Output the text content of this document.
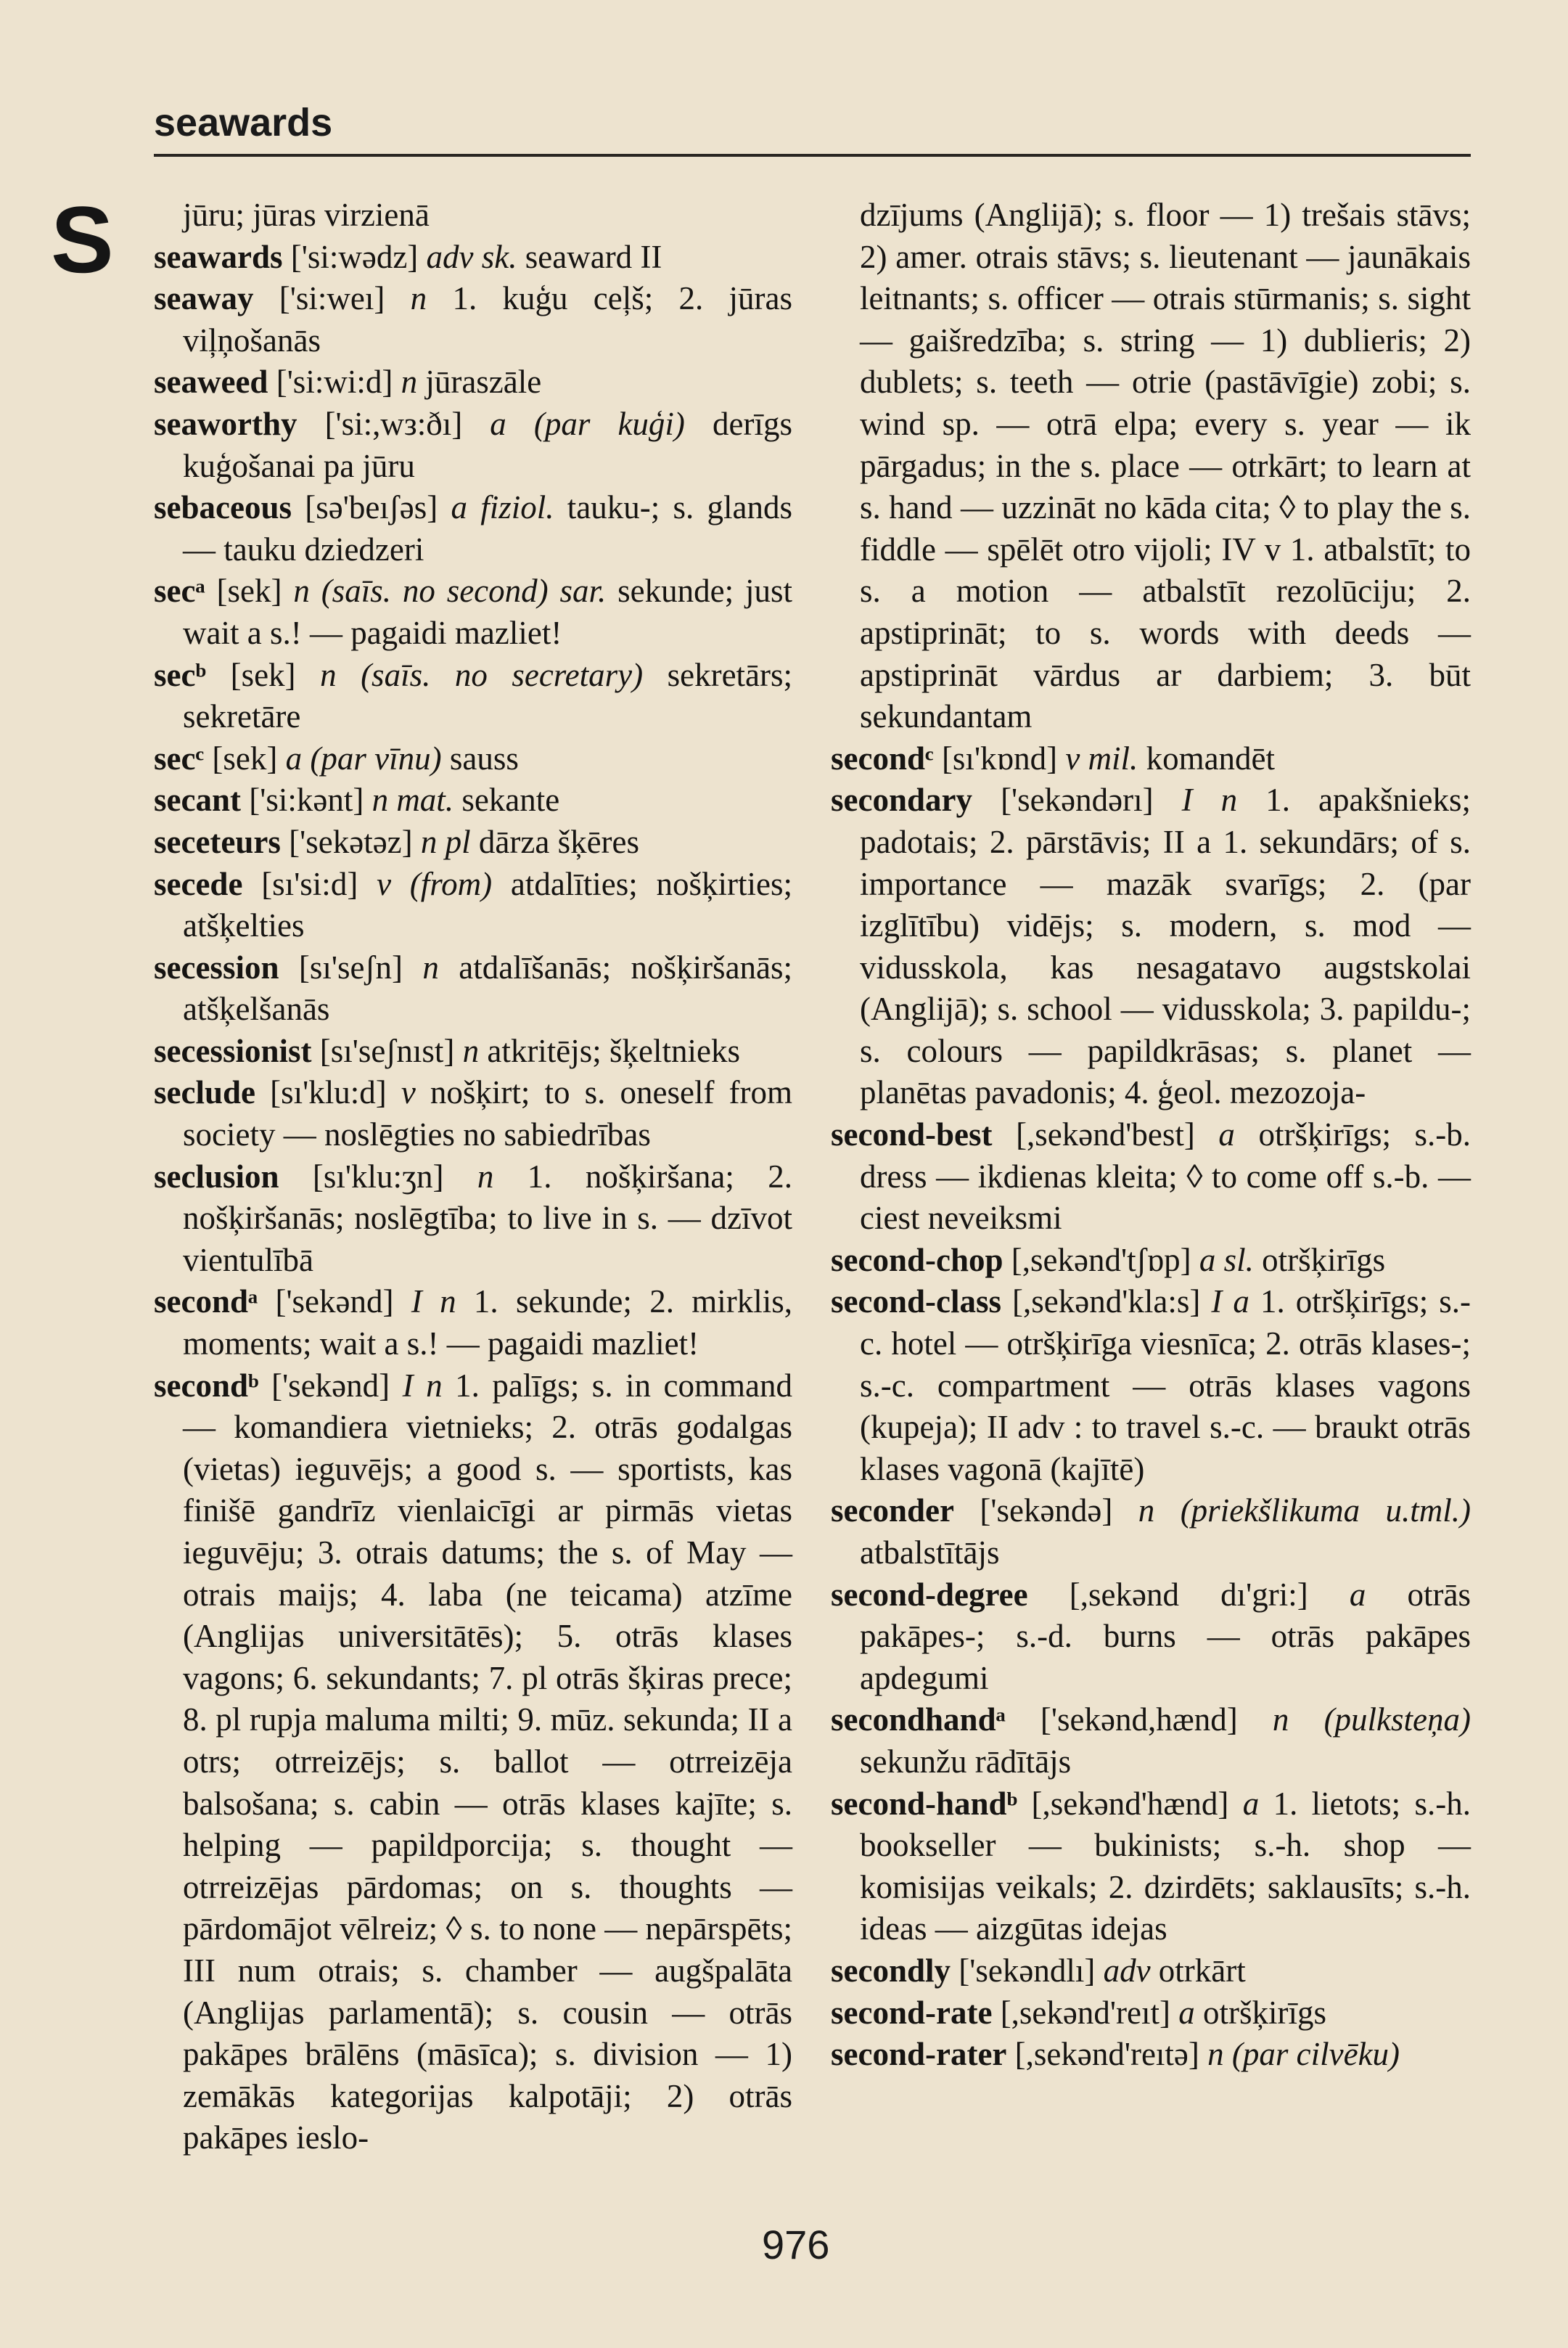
seawards
S	jūru; jūras virzienā
seawards ['si:wədz] adv sk. seaward II
seaway ['si:weı] n 1. kuģu ceļš; 2. jūras viļņošanās
seaweed ['si:wi:d] n jūraszāle
seaworthy ['si:,wз:ðı] a (par kuģi) derīgs kuģošanai pa jūru
sebaceous [sə'beıʃəs] a fiziol. tauku-; s. glands — tauku dziedzeri
secᵃ [sek] n (saīs. no second) sar. sekunde; just wait a s.! — pagaidi mazliet!
secᵇ [sek] n (saīs. no secretary) sekretārs; sekretāre
secᶜ [sek] a (par vīnu) sauss
secant ['si:kənt] n mat. sekante
seceteurs ['sekətəz] n pl dārza šķēres
secede [sı'si:d] v (from) atdalīties; nošķirties; atšķelties
secession [sı'seʃn] n atdalīšanās; nošķiršanās; atšķelšanās
secessionist [sı'seʃnıst] n atkritējs; šķeltnieks
seclude [sı'klu:d] v nošķirt; to s. oneself from society — noslēgties no sabiedrības
seclusion [sı'klu:ʒn] n 1. nošķiršana; 2. nošķiršanās; noslēgtība; to live in s. — dzīvot vientulībā
secondᵃ ['sekənd] I n 1. sekunde; 2. mirklis, moments; wait a s.! — pagaidi mazliet!
secondᵇ ['sekənd] I n 1. palīgs; s. in command — komandiera vietnieks; 2. otrās godalgas (vietas) ieguvējs; a good s. — sportists, kas finišē gandrīz vienlaicīgi ar pirmās vietas ieguvēju; 3. otrais datums; the s. of May — otrais maijs; 4. laba (ne teicama) atzīme (Anglijas universitātēs); 5. otrās klases vagons; 6. sekundants; 7. pl otrās šķiras prece; 8. pl rupja maluma milti; 9. mūz. sekunda; II a otrs; otrreizējs; s. ballot — otrreizēja balsošana; s. cabin — otrās klases kajīte; s. helping — papildporcija; s. thought — otrreizējas pārdomas; on s. thoughts — pārdomājot vēlreiz; ◊ s. to none — nepārspēts; III num otrais; s. chamber — augšpalāta (Anglijas parlamentā); s. cousin — otrās pakāpes brālēns (māsīca); s. division — 1) zemākās kategorijas kalpotāji; 2) otrās pakāpes ieslo-
dzījums (Anglijā); s. floor — 1) trešais stāvs; 2) amer. otrais stāvs; s. lieutenant — jaunākais leitnants; s. officer — otrais stūrmanis; s. sight — gaišredzība; s. string — 1) dublieris; 2) dublets; s. teeth — otrie (pastāvīgie) zobi; s. wind sp. — otrā elpa; every s. year — ik pārgadus; in the s. place — otrkārt; to learn at s. hand — uzzināt no kāda cita; ◊ to play the s. fiddle — spēlēt otro vijoli; IV v 1. atbalstīt; to s. a motion — atbalstīt rezolūciju; 2. apstiprināt; to s. words with deeds — apstiprināt vārdus ar darbiem; 3. būt sekundantam
secondᶜ [sı'kɒnd] v mil. komandēt
secondary ['sekəndərı] I n 1. apakšnieks; padotais; 2. pārstāvis; II a 1. sekundārs; of s. importance — mazāk svarīgs; 2. (par izglītību) vidējs; s. modern, s. mod — vidusskola, kas nesagatavo augstskolai (Anglijā); s. school — vidusskola; 3. papildu-; s. colours — papildkrāsas; s. planet — planētas pavadonis; 4. ģeol. mezozoja-
second-best [,sekənd'best] a otršķirīgs; s.-b. dress — ikdienas kleita; ◊ to come off s.-b. — ciest neveiksmi
second-chop [,sekənd'tʃɒp] a sl. otršķirīgs
second-class [,sekənd'kla:s] I a 1. otršķirīgs; s.-c. hotel — otršķirīga viesnīca; 2. otrās klases-; s.-c. compartment — otrās klases vagons (kupeja); II adv : to travel s.-c. — braukt otrās klases vagonā (kajītē)
seconder ['sekəndə] n (priekšlikuma u.tml.) atbalstītājs
second-degree [,sekənd dı'gri:] a otrās pakāpes-; s.-d. burns — otrās pakāpes apdegumi
secondhandᵃ ['sekənd,hænd] n (pulksteņa) sekunžu rādītājs
second-handᵇ [,sekənd'hænd] a 1. lietots; s.-h. bookseller — bukinists; s.-h. shop — komisijas veikals; 2. dzirdēts; saklausīts; s.-h. ideas — aizgūtas idejas
secondly ['sekəndlı] adv otrkārt
second-rate [,sekənd'reıt] a otršķirīgs
second-rater [,sekənd'reıtə] n (par cilvēku)
976
